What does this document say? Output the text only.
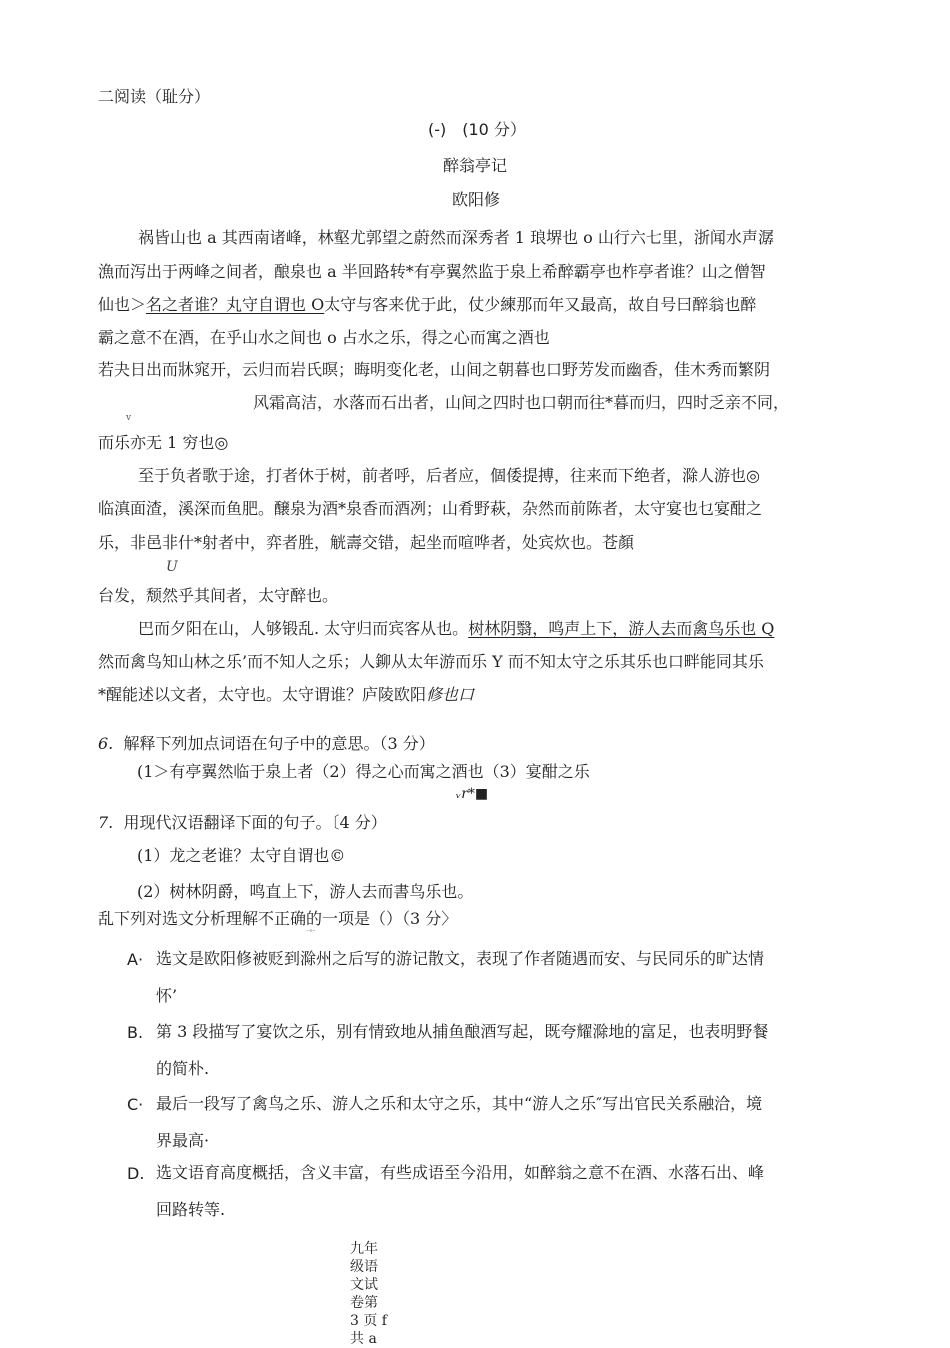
二阅读（耻分）
(-)　(10 分）
醉翁亭记
欧阳修
祸皆山也 a 其西南诸峰，林壑尤郭望之蔚然而深秀者 1 琅堺也 o 山行六七里，浙闻水声潺
漁而泻出于两峰之间者，酿泉也 a 半回路转*有亭翼然监于泉上希醉霸亭也柞亭者谁？山之僧智
仙也＞名之者谁？丸守自谓也 O太守与客来优于此，仗少練那而年又最高，故自号曰醉翁也醉
霸之意不在酒，在乎山水之间也 o 占水之乐，得之心而寓之酒也
若夬日出而牀窕开，云归而岩氏暝；晦明变化老，山间之朝暮也口野芳发而幽香，佳木秀而繁阴
风霜高洁，水落而石出者，山间之四时也口朝而往*暮而归，四时乏亲不同，
v
而乐亦无 1 穷也◎
至于负者歌于途，打者休于树，前者呼，后者应，個倭提搏，往来而下绝者，滁人游也◎
临滇面渣，溪深而鱼肥。醸泉为酒*泉香而酒冽；山肴野萩，杂然而前陈者，太守宴也乜宴酣之
乐，非邑非什*射者中，弈者胜，觥壽交错，起坐而喧哗者，处宾炊也。苍顏
U
台发，颓然乎其间者，太守醉也。
巴而夕阳在山，人够锻乱. 太守归而宾客从也。树林阴翳，鸣声上下，游人去而禽鸟乐也 Q
然而禽鸟知山林之乐’而不知人之乐；人鉚从太年游而乐 Y 而不知太守之乐其乐也口畔能同其乐
*醒能述以文者，太守也。太守谓谁？庐陵欧阳修也口
6. 解释下列加点词语在句子中的意思。（3 分）
(1＞有亭翼然临于泉上者（2）得之心而寓之酒也（3）宴酣之乐
ᵥr*■
7. 用现代汉语翻译下面的句子。〔4 分）
(1）龙之老谁？太守自谓也©
(2）树林阴爵，鸣直上下，游人去而書鸟乐也。
乱下列对选文分析理解不正确的一项是（）（3 分〉
⁻ˢ⁻
A· 选文是欧阳修被贬到滁州之后写的游记散文，表现了作者随遇而安、与民同乐的旷达情
怀’
B. 第 3 段描写了宴饮之乐，别有情致地从捕鱼酿酒写起，既夸耀滁地的富足，也表明野餐
的简朴.
C· 最后一段写了禽鸟之乐、游人之乐和太守之乐，其中“游人之乐″写出官民关系融洽，境
界最高·
D. 选文语育高度概括，含义丰富，有些成语至今沿用，如醉翁之意不在酒、水落石出、峰
回路转等.
九年级语文试卷第 3 页 f 共 a
